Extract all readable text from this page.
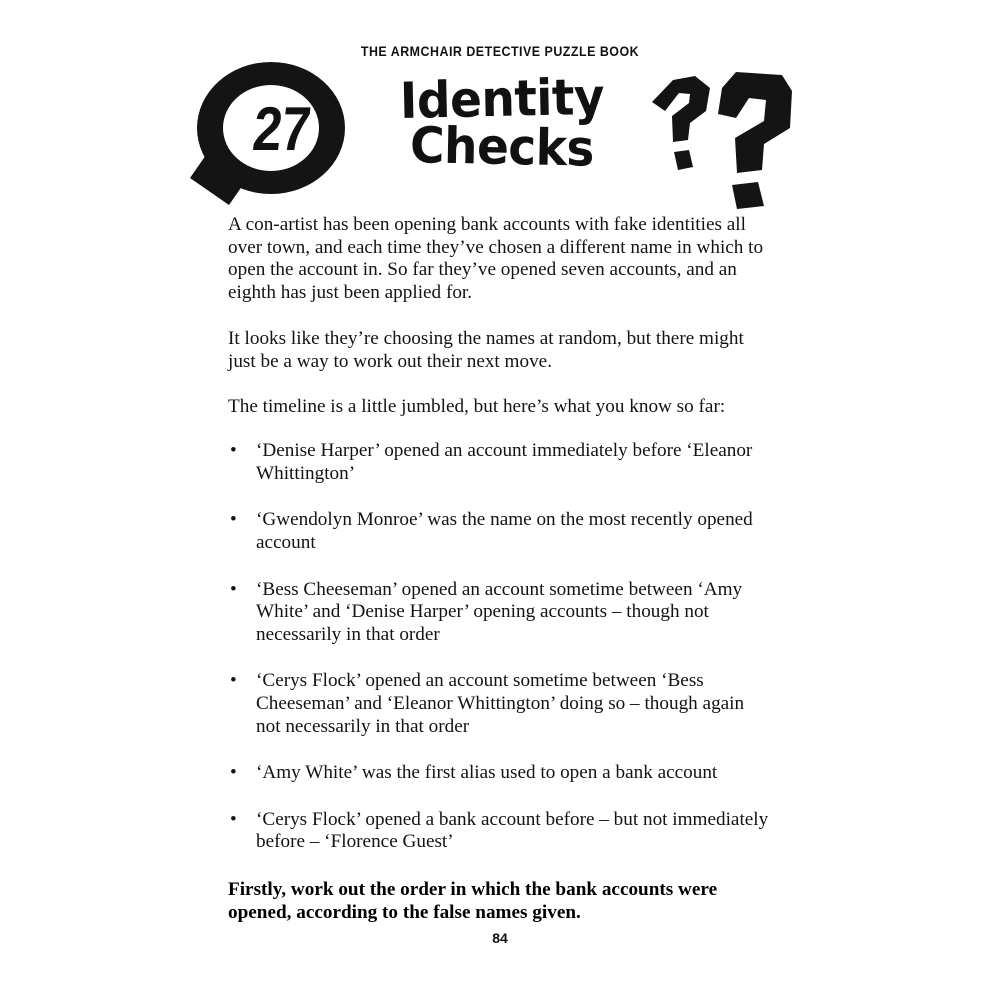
THE ARMCHAIR DETECTIVE PUZZLE BOOK
27	Identity
Checks

A con-artist has been opening bank accounts with fake identities all over town, and each time they’ve chosen a different name in which to open the account in. So far they’ve opened seven accounts, and an eighth has just been applied for.

It looks like they’re choosing the names at random, but there might just be a way to work out their next move.

The timeline is a little jumbled, but here’s what you know so far:

• ‘Denise Harper’ opened an account immediately before ‘Eleanor Whittington’
• ‘Gwendolyn Monroe’ was the name on the most recently opened account
• ‘Bess Cheeseman’ opened an account sometime between ‘Amy White’ and ‘Denise Harper’ opening accounts – though not necessarily in that order
• ‘Cerys Flock’ opened an account sometime between ‘Bess Cheeseman’ and ‘Eleanor Whittington’ doing so – though again not necessarily in that order
• ‘Amy White’ was the first alias used to open a bank account
• ‘Cerys Flock’ opened a bank account before – but not immediately before – ‘Florence Guest’

Firstly, work out the order in which the bank accounts were opened, according to the false names given.

84
